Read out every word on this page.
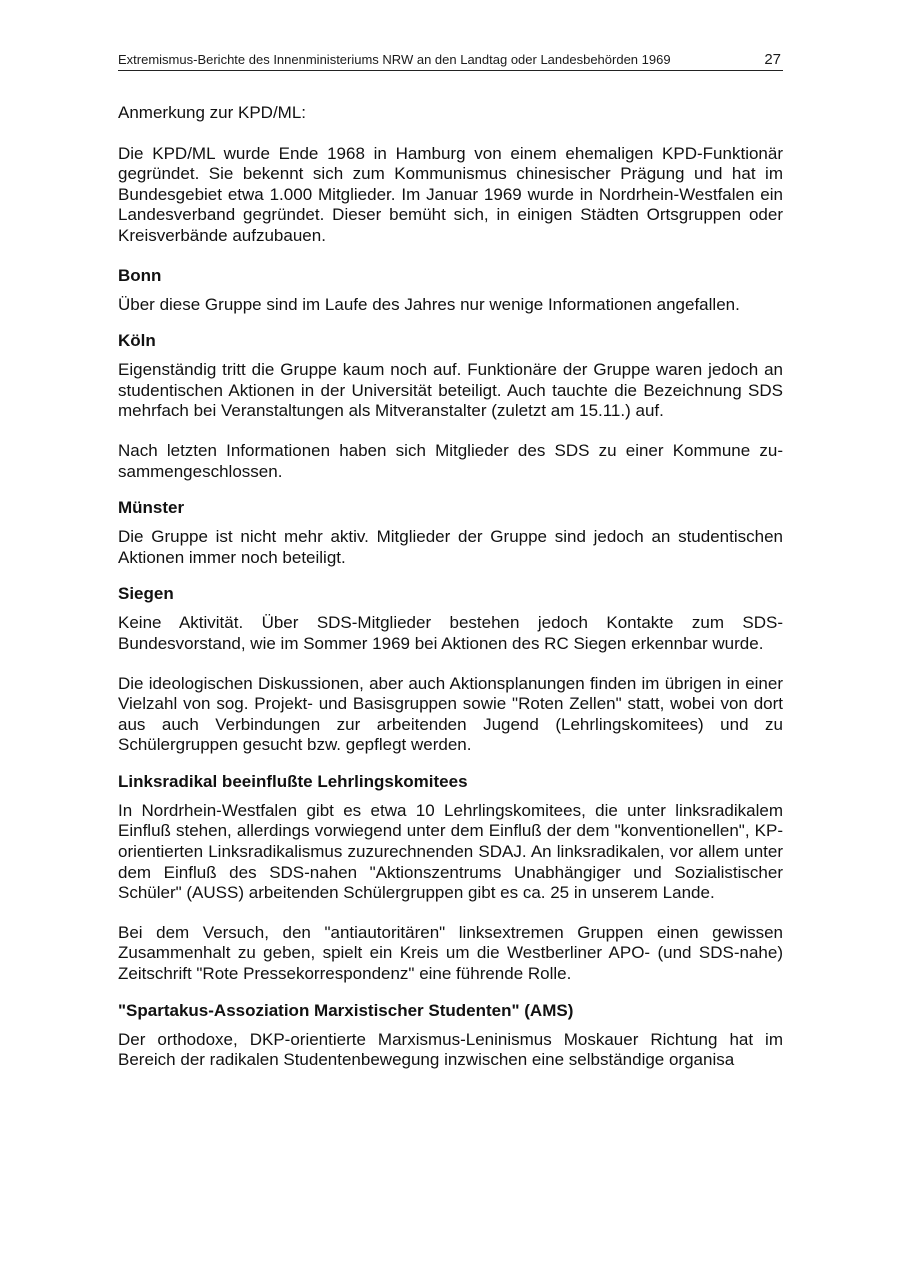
Extremismus-Berichte des Innenministeriums NRW an den Landtag oder Landesbehörden 1969	27

Anmerkung zur KPD/ML:

Die KPD/ML wurde Ende 1968 in Hamburg von einem ehemaligen KPD-Funktionär gegründet. Sie bekennt sich zum Kommunismus chinesischer Prägung und hat im Bundesgebiet etwa 1.000 Mitglieder. Im Januar 1969 wurde in Nordrhein-Westfalen ein Landesverband gegründet. Dieser bemüht sich, in einigen Städten Ortsgruppen oder Kreisverbände aufzubauen.

Bonn

Über diese Gruppe sind im Laufe des Jahres nur wenige Informationen angefallen.

Köln

Eigenständig tritt die Gruppe kaum noch auf. Funktionäre der Gruppe waren jedoch an studentischen Aktionen in der Universität beteiligt. Auch tauchte die Bezeichnung SDS mehrfach bei Veranstaltungen als Mitveranstalter (zuletzt am 15.11.) auf.

Nach letzten Informationen haben sich Mitglieder des SDS zu einer Kommune zusammengeschlossen.

Münster

Die Gruppe ist nicht mehr aktiv. Mitglieder der Gruppe sind jedoch an studentischen Aktionen immer noch beteiligt.

Siegen

Keine Aktivität. Über SDS-Mitglieder bestehen jedoch Kontakte zum SDS-Bundesvorstand, wie im Sommer 1969 bei Aktionen des RC Siegen erkennbar wurde.

Die ideologischen Diskussionen, aber auch Aktionsplanungen finden im übrigen in einer Vielzahl von sog. Projekt- und Basisgruppen sowie "Roten Zellen" statt, wobei von dort aus auch Verbindungen zur arbeitenden Jugend (Lehrlingskomitees) und zu Schülergruppen gesucht bzw. gepflegt werden.

Linksradikal beeinflußte Lehrlingskomitees

In Nordrhein-Westfalen gibt es etwa 10 Lehrlingskomitees, die unter linksradikalem Einfluß stehen, allerdings vorwiegend unter dem Einfluß der dem "konventionellen", KP-orientierten Linksradikalismus zuzurechnenden SDAJ. An linksradikalen, vor allem unter dem Einfluß des SDS-nahen "Aktionszentrums Unabhängiger und Sozialistischer Schüler" (AUSS) arbeitenden Schülergruppen gibt es ca. 25 in unserem Lande.

Bei dem Versuch, den "antiautoritären" linksextremen Gruppen einen gewissen Zusammenhalt zu geben, spielt ein Kreis um die Westberliner APO- (und SDS-nahe) Zeitschrift "Rote Pressekorrespondenz" eine führende Rolle.

"Spartakus-Assoziation Marxistischer Studenten" (AMS)

Der orthodoxe, DKP-orientierte Marxismus-Leninismus Moskauer Richtung hat im Bereich der radikalen Studentenbewegung inzwischen eine selbständige organisa
